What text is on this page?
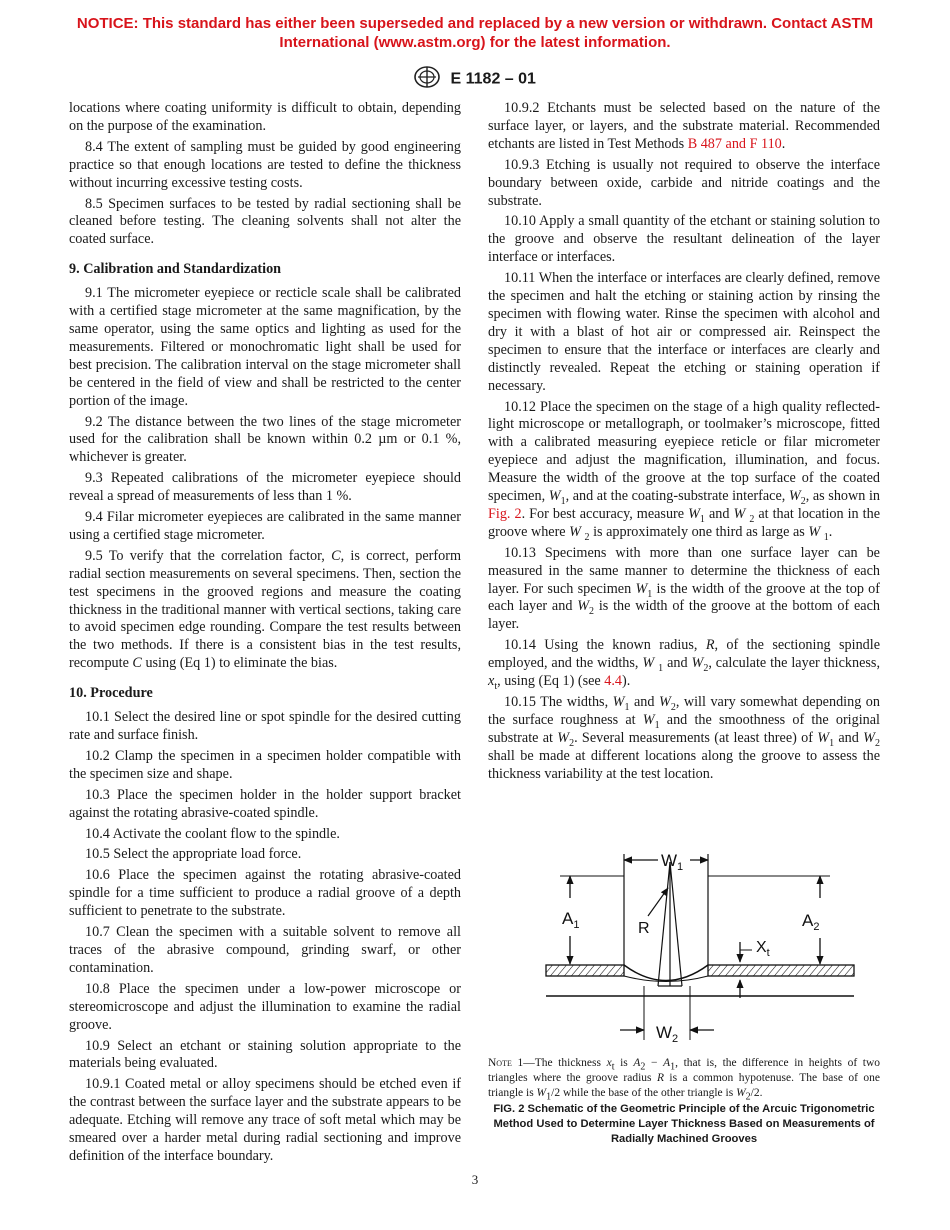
NOTICE: This standard has either been superseded and replaced by a new version or withdrawn. Contact ASTM
International (www.astm.org) for the latest information.
E 1182 – 01

locations where coating uniformity is difficult to obtain, depending on the purpose of the examination.

8.4 The extent of sampling must be guided by good engineering practice so that enough locations are tested to define the thickness without incurring excessive testing costs.

8.5 Specimen surfaces to be tested by radial sectioning shall be cleaned before testing. The cleaning solvents shall not alter the coated surface.

9. Calibration and Standardization

9.1 The micrometer eyepiece or recticle scale shall be calibrated with a certified stage micrometer at the same magnification, by the same operator, using the same optics and lighting as used for the measurements. Filtered or monochromatic light shall be used for best precision. The calibration interval on the stage micrometer shall be centered in the field of view and shall be restricted to the center portion of the image.

9.2 The distance between the two lines of the stage micrometer used for the calibration shall be known within 0.2 µm or 0.1 %, whichever is greater.

9.3 Repeated calibrations of the micrometer eyepiece should reveal a spread of measurements of less than 1 %.

9.4 Filar micrometer eyepieces are calibrated in the same manner using a certified stage micrometer.

9.5 To verify that the correlation factor, C, is correct, perform radial section measurements on several specimens. Then, section the test specimens in the grooved regions and measure the coating thickness in the traditional manner with vertical sections, taking care to avoid specimen edge rounding. Compare the test results between the two methods. If there is a consistent bias in the test results, recompute C using (Eq 1) to eliminate the bias.

10. Procedure

10.1 Select the desired line or spot spindle for the desired cutting rate and surface finish.

10.2 Clamp the specimen in a specimen holder compatible with the specimen size and shape.

10.3 Place the specimen holder in the holder support bracket against the rotating abrasive-coated spindle.

10.4 Activate the coolant flow to the spindle.

10.5 Select the appropriate load force.

10.6 Place the specimen against the rotating abrasive-coated spindle for a time sufficient to produce a radial groove of a depth sufficient to penetrate to the substrate.

10.7 Clean the specimen with a suitable solvent to remove all traces of the abrasive compound, grinding swarf, or other contamination.

10.8 Place the specimen under a low-power microscope or stereomicroscope and adjust the illumination to examine the radial groove.

10.9 Select an etchant or staining solution appropriate to the materials being evaluated.

10.9.1 Coated metal or alloy specimens should be etched even if the contrast between the surface layer and the substrate appears to be adequate. Etching will remove any trace of soft metal which may be smeared over a harder metal during radial sectioning and improve definition of the interface boundary.

10.9.2 Etchants must be selected based on the nature of the surface layer, or layers, and the substrate material. Recommended etchants are listed in Test Methods B 487 and F 110.

10.9.3 Etching is usually not required to observe the interface boundary between oxide, carbide and nitride coatings and the substrate.

10.10 Apply a small quantity of the etchant or staining solution to the groove and observe the resultant delineation of the layer interface or interfaces.

10.11 When the interface or interfaces are clearly defined, remove the specimen and halt the etching or staining action by rinsing the specimen with flowing water. Rinse the specimen with alcohol and dry it with a blast of hot air or compressed air. Reinspect the specimen to ensure that the interface or interfaces are clearly and distinctly revealed. Repeat the etching or staining operation if necessary.

10.12 Place the specimen on the stage of a high quality reflected-light microscope or metallograph, or toolmaker’s microscope, fitted with a calibrated measuring eyepiece reticle or filar micrometer eyepiece and adjust the magnification, illumination, and focus. Measure the width of the groove at the top surface of the coated specimen, $W_1$, and at the coating-substrate interface, $W_2$, as shown in Fig. 2. For best accuracy, measure $W_1$ and W $_2$ at that location in the groove where W $_2$ is approximately one third as large as W $_1$.

10.13 Specimens with more than one surface layer can be measured in the same manner to determine the thickness of each layer. For such specimen $W_1$ is the width of the groove at the top of each layer and $W_2$ is the width of the groove at the bottom of each layer.

10.14 Using the known radius, R, of the sectioning spindle employed, and the widths, W $_1$ and $W_2$, calculate the layer thickness, $x_t$, using (Eq 1) (see 4.4).

10.15 The widths, $W_1$ and $W_2$, will vary somewhat depending on the surface roughness at $W_1$ and the smoothness of the original substrate at $W_2$. Several measurements (at least three) of $W_1$ and $W_2$ shall be made at different locations along the groove to assess the thickness variability at the test location.

$W_1$
$A_1$	R	$A_2$
$X_t$
$W_2$
Note 1—The thickness $x_t$ is $A_2 - A_1$, that is, the difference in heights of two triangles where the groove radius R is a common hypotenuse. The base of one triangle is $W_1/2$ while the base of the other triangle is $W_2/2$.
FIG. 2 Schematic of the Geometric Principle of the Arcuic Trigonometric Method Used to Determine Layer Thickness Based on Measurements of Radially Machined Grooves
3
